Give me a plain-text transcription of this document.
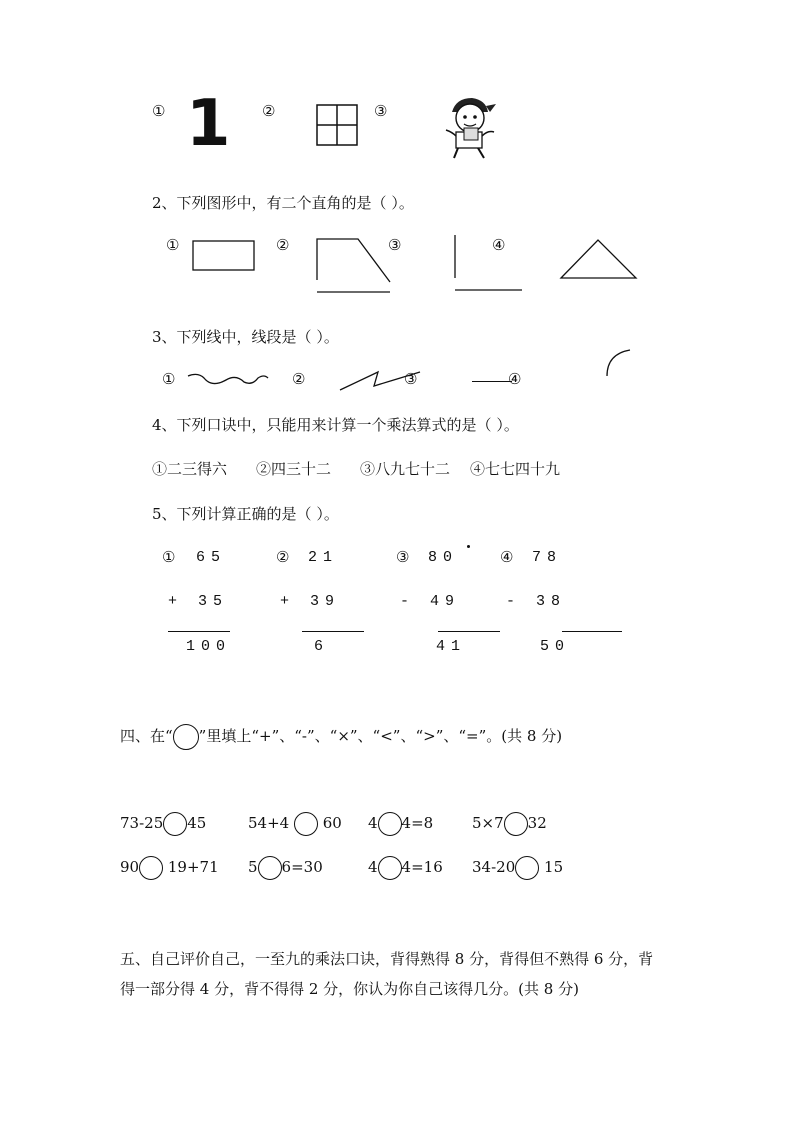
① 1 ②	③
2、下列图形中，有二个直角的是（ ）。
①	②	③	④
3、下列线中，线段是（ ）。
①	②	③	④
4、下列口诀中，只能用来计算一个乘法算式的是（ ）。
①二三得六 ②四三十二 ③八九七十二 ④七七四十九
5、下列计算正确的是（ ）。
① 65
+ 35
100
② 21
+ 39
6
③ 80
- 49
41
④ 78
- 38
50
四、在“ ”里填上“+”、“-”、“×”、“<”、“>”、“=”。(共 8 分)
73-25 45	54+4 60 4 4=8	5×7 32
90 19+71 5 6=30	4 4=16 34-20 15
五、自己评价自己，一至九的乘法口诀，背得熟得 8 分，背得但不熟得 6 分，背
得一部分得 4 分，背不得得 2 分，你认为你自己该得几分。(共 8 分)
